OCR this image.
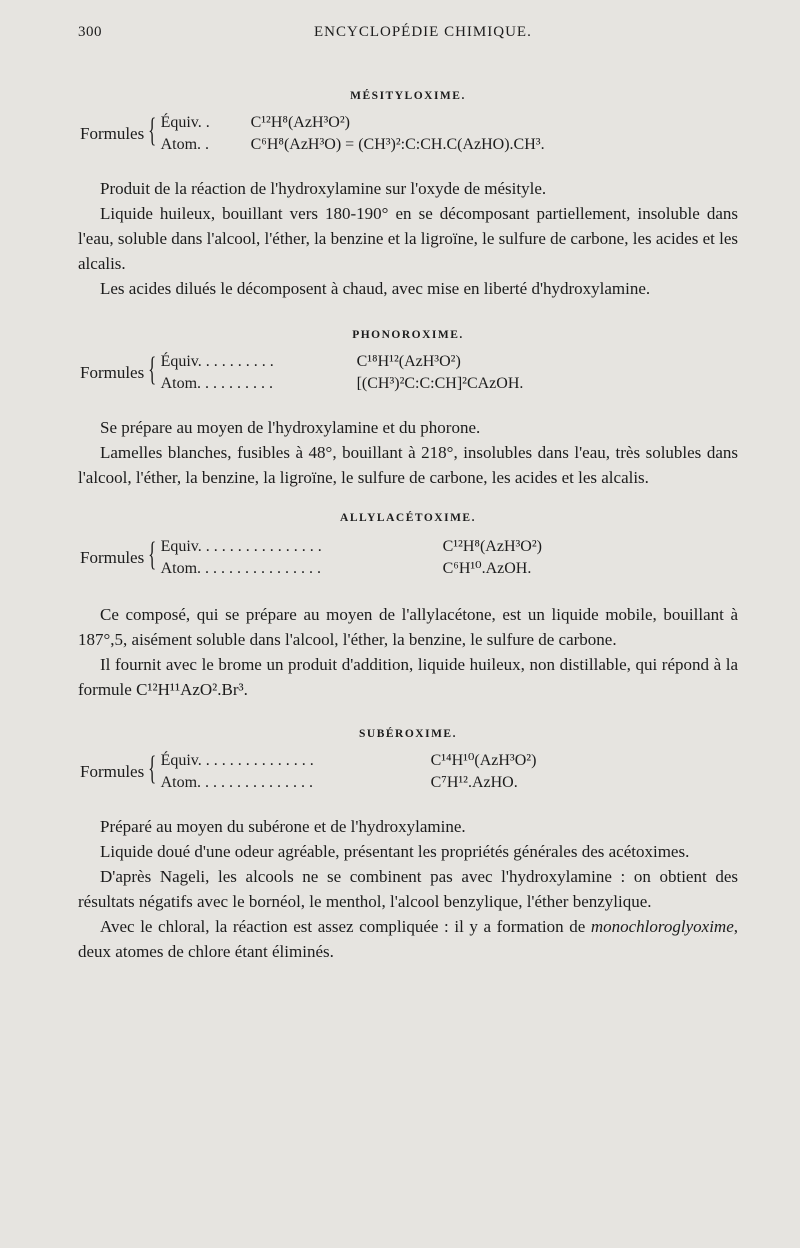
300	ENCYCLOPÉDIE CHIMIQUE.
MÉSITYLOXIME.
Formules { Équiv. .	C¹²H⁸(AzH³O²)
Atom. .	C⁶H⁸(AzH³O) = (CH³)²:C:CH.C(AzHO).CH³.

Produit de la réaction de l'hydroxylamine sur l'oxyde de mésityle.

Liquide huileux, bouillant vers 180-190° en se décomposant partiellement, insoluble dans l'eau, soluble dans l'alcool, l'éther, la benzine et la ligroïne, le sulfure de carbone, les acides et les alcalis.

Les acides dilués le décomposent à chaud, avec mise en liberté d'hydroxylamine.

PHONOROXIME.
Formules { Équiv. . . . . . . . . .	C¹⁸H¹²(AzH³O²)
Atom. . . . . . . . . .	[(CH³)²C:C:CH]²CAzOH.

Se prépare au moyen de l'hydroxylamine et du phorone.

Lamelles blanches, fusibles à 48°, bouillant à 218°, insolubles dans l'eau, très solubles dans l'alcool, l'éther, la benzine, la ligroïne, le sulfure de carbone, les acides et les alcalis.

ALLYLACÉTOXIME.
Formules { Equiv. . . . . . . . . . . . . . . .	C¹²H⁸(AzH³O²)
Atom. . . . . . . . . . . . . . . .	C⁶H¹⁰.AzOH.

Ce composé, qui se prépare au moyen de l'allylacétone, est un liquide mobile, bouillant à 187°,5, aisément soluble dans l'alcool, l'éther, la benzine, le sulfure de carbone.

Il fournit avec le brome un produit d'addition, liquide huileux, non distillable, qui répond à la formule C¹²H¹¹AzO².Br³.

SUBÉROXIME.
Formules { Équiv. . . . . . . . . . . . . . .	C¹⁴H¹⁰(AzH³O²)
Atom. . . . . . . . . . . . . . .	C⁷H¹².AzHO.

Préparé au moyen du subérone et de l'hydroxylamine.

Liquide doué d'une odeur agréable, présentant les propriétés générales des acétoximes.

D'après Nageli, les alcools ne se combinent pas avec l'hydroxylamine : on obtient des résultats négatifs avec le bornéol, le menthol, l'alcool benzylique, l'éther benzylique.

Avec le chloral, la réaction est assez compliquée : il y a formation de monochloroglyoxime, deux atomes de chlore étant éliminés.
